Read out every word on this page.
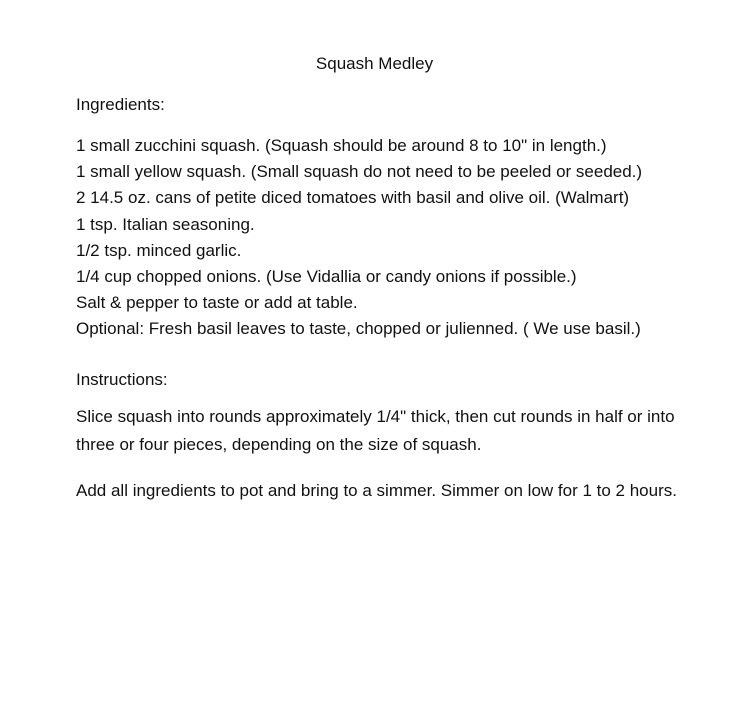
Squash Medley
Ingredients:
1 small zucchini squash. (Squash should be around 8 to 10" in length.)
1 small yellow squash. (Small squash do not need to be peeled or seeded.)
2 14.5 oz. cans of petite diced tomatoes with basil and olive oil. (Walmart)
1 tsp. Italian seasoning.
1/2 tsp. minced garlic.
1/4 cup chopped onions. (Use Vidallia or candy onions if possible.)
Salt & pepper to taste or add at table.
Optional: Fresh basil leaves to taste, chopped or julienned. ( We use basil.)
Instructions:

Slice squash into rounds approximately 1/4" thick, then cut rounds in half or into three or four pieces, depending on the size of squash.

Add all ingredients to pot and bring to a simmer. Simmer on low for 1 to 2 hours.
